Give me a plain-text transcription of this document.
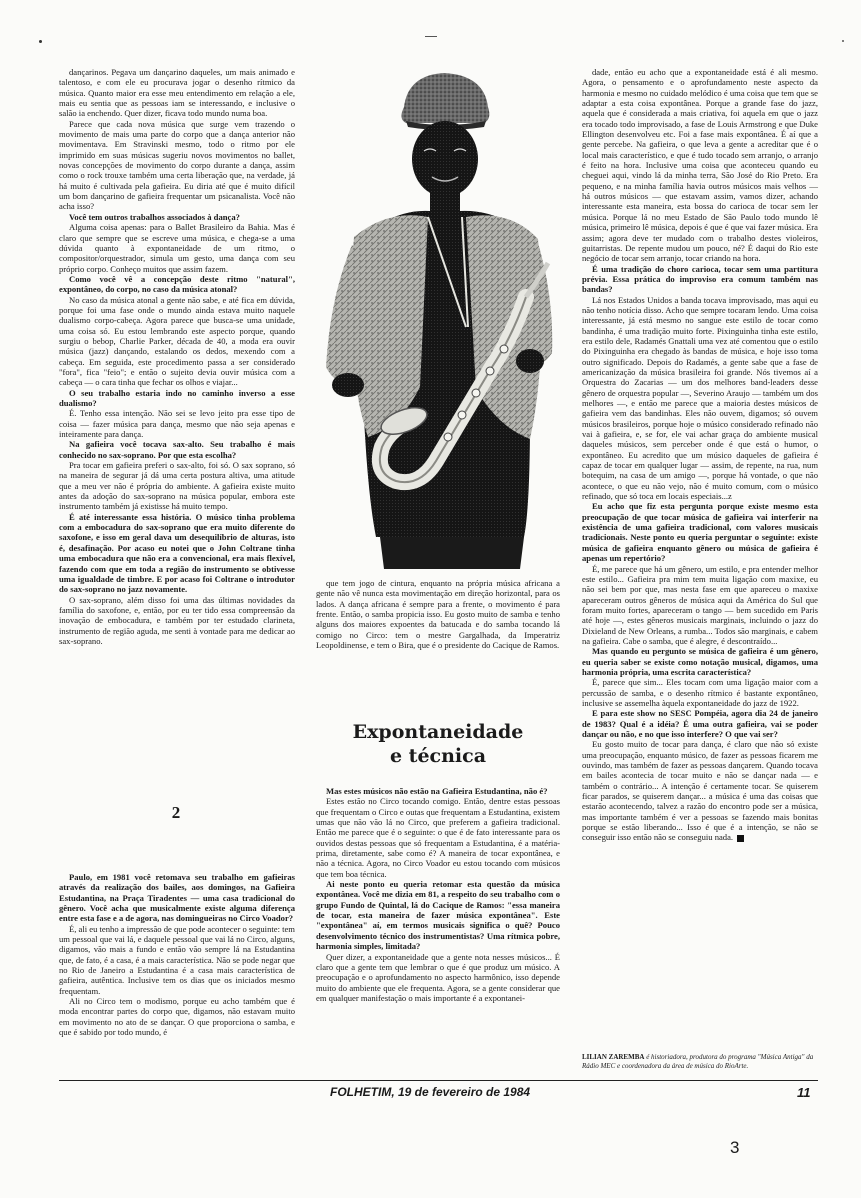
dançarinos. Pegava um dançarino daqueles, um mais animado e talentoso, e com ele eu procurava jogar o desenho rítmico da música. Quanto maior era esse meu entendimento em relação a ele, mais eu sentia que as pessoas iam se interessando, e inclusive o salão ia enchendo. Quer dizer, ficava todo mundo numa boa.

Parece que cada nova música que surge vem trazendo o movimento de mais uma parte do corpo que a dança anterior não movimentava. Em Stravinski mesmo, todo o ritmo por ele imprimido em suas músicas sugeriu novos movimentos no ballet, novas concepções de movimento do corpo durante a dança, assim como o rock trouxe também uma certa liberação que, na verdade, já há muito é cultivada pela gafieira. Eu diria até que é muito difícil um bom dançarino de gafieira frequentar um psicanalista. Você não acha isso?

Você tem outros trabalhos associados à dança?

Alguma coisa apenas: para o Ballet Brasileiro da Bahia. Mas é claro que sempre que se escreve uma música, e chega-se a uma dúvida quanto à expontaneidade de um ritmo, o compositor/orquestrador, simula um gesto, uma dança com seu próprio corpo. Conheço muitos que assim fazem.

Como você vê a concepção deste ritmo "natural", expontâneo, do corpo, no caso da música atonal?

No caso da música atonal a gente não sabe, e até fica em dúvida, porque foi uma fase onde o mundo ainda estava muito naquele dualismo corpo-cabeça. Agora parece que busca-se uma unidade, uma coisa só. Eu estou lembrando este aspecto porque, quando surgiu o bebop, Charlie Parker, década de 40, a moda era ouvir música (jazz) dançando, estalando os dedos, mexendo com a cabeça. Em seguida, este procedimento passa a ser considerado "fora", fica "feio"; e então o sujeito devia ouvir música com a cabeça — o cara tinha que fechar os olhos e viajar...

O seu trabalho estaria indo no caminho inverso a esse dualismo?

É. Tenho essa intenção. Não sei se levo jeito pra esse tipo de coisa — fazer música para dança, mesmo que não seja apenas e inteiramente para dança.

Na gafieira você tocava sax-alto. Seu trabalho é mais conhecido no sax-soprano. Por que esta escolha?

Pra tocar em gafieira preferi o sax-alto, foi só. O sax soprano, só na maneira de segurar já dá uma certa postura altiva, uma atitude que a meu ver não é própria do ambiente. A gafieira existe muito antes da adoção do sax-soprano na música popular, embora este instrumento também já existisse há muito tempo.

É até interessante essa história. O músico tinha problema com a embocadura do sax-soprano que era muito diferente do saxofone, e isso em geral dava um desequilíbrio de alturas, isto é, desafinação. Por acaso eu notei que o John Coltrane tinha uma embocadura que não era a convencional, era mais flexível, fazendo com que em toda a região do instrumento se obtivesse uma igualdade de timbre. E por acaso foi Coltrane o introdutor do sax-soprano no jazz novamente.

O sax-soprano, além disso foi uma das últimas novidades da família do saxofone, e, então, por eu ter tido essa compreensão da inovação de embocadura, e também por ter estudado clarineta, instrumento de região aguda, me senti à vontade para me dedicar ao sax-soprano.

2

Paulo, em 1981 você retomava seu trabalho em gafieiras através da realização dos bailes, aos domingos, na Gafieira Estudantina, na Praça Tiradentes — uma casa tradicional do gênero. Você acha que musicalmente existe alguma diferença entre esta fase e a de agora, nas domingueiras no Circo Voador?

É, ali eu tenho a impressão de que pode acontecer o seguinte: tem um pessoal que vai lá, e daquele pessoal que vai lá no Circo, alguns, digamos, vão mais a fundo e então vão sempre lá na Estudantina que, de fato, é a casa, é a mais característica. Não se pode negar que no Rio de Janeiro a Estudantina é a casa mais característica de gafieira, autêntica. Inclusive tem os dias que os iniciados mesmo frequentam.

Ali no Circo tem o modismo, porque eu acho também que é moda encontrar partes do corpo que, digamos, não estavam muito em movimento no ato de se dançar. O que proporciona o samba, e que é sabido por todo mundo, é

que tem jogo de cintura, enquanto na própria música africana a gente não vê nunca esta movimentação em direção horizontal, para os lados. A dança africana é sempre para a frente, o movimento é para frente. Então, o samba propicia isso. Eu gosto muito de samba e tenho alguns dos maiores expoentes da batucada e do samba tocando lá comigo no Circo: tem o mestre Gargalhada, da Imperatriz Leopoldinense, e tem o Bira, que é o presidente do Cacique de Ramos.

Expontaneidade
e técnica

Mas estes músicos não estão na Gafieira Estudantina, não é?

Estes estão no Circo tocando comigo. Então, dentre estas pessoas que frequentam o Circo e outas que frequentam a Estudantina, existem umas que não vão lá no Circo, que preferem a gafieira tradicional. Então me parece que é o seguinte: o que é de fato interessante para os ouvidos destas pessoas que só frequentam a Estudantina, é a matéria-prima, diretamente, sabe como é? A maneira de tocar expontânea, e não a técnica. Agora, no Circo Voador eu estou tocando com músicos que tem boa técnica.

Ai neste ponto eu queria retomar esta questão da música expontânea. Você me dizia em 81, a respeito do seu trabalho com o grupo Fundo de Quintal, lá do Cacique de Ramos: "essa maneira de tocar, esta maneira de fazer música expontânea". Este "expontânea" aí, em termos musicais significa o quê? Pouco desenvolvimento técnico dos instrumentistas? Uma rítmica pobre, harmonia simples, limitada?

Quer dizer, a expontaneidade que a gente nota nesses músicos... É claro que a gente tem que lembrar o que é que produz um músico. A preocupação e o aprofundamento no aspecto harmônico, isso depende muito do ambiente que ele frequenta. Agora, se a gente considerar que em qualquer manifestação o mais importante é a expontanei-

dade, então eu acho que a expontaneidade está é ali mesmo. Agora, o pensamento e o aprofundamento neste aspecto da harmonia e mesmo no cuidado melódico é uma coisa que tem que se adaptar a esta coisa expontânea. Porque a grande fase do jazz, aquela que é considerada a mais criativa, foi aquela em que o jazz era tocado todo improvisado, a fase de Louis Armstrong e que Duke Ellington desenvolveu etc. Foi a fase mais expontânea. É aí que a gente percebe. Na gafieira, o que leva a gente a acreditar que é o local mais característico, e que é tudo tocado sem arranjo, o arranjo é feito na hora. Inclusive uma coisa que aconteceu quando eu cheguei aqui, vindo lá da minha terra, São José do Rio Preto. Era pequeno, e na minha família havia outros músicos mais velhos — há outros músicos — que estavam assim, vamos dizer, achando interessante esta maneira, esta bossa do carioca de tocar sem ler música. Porque lá no meu Estado de São Paulo todo mundo lê música, primeiro lê música, depois é que é que vai fazer música. Era assim; agora deve ter mudado com o trabalho destes violeiros, guitarristas. De repente mudou um pouco, né? É daqui do Rio este negócio de tocar sem arranjo, tocar criando na hora.

É uma tradição do choro carioca, tocar sem uma partitura prévia. Essa prática do improviso era comum também nas bandas?

Lá nos Estados Unidos a banda tocava improvisado, mas aqui eu não tenho notícia disso. Acho que sempre tocaram lendo. Uma coisa interessante, já está mesmo no sangue este estilo de tocar como bandinha, é uma tradição muito forte. Pixinguinha tinha este estilo, era estilo dele, Radamés Gnattali uma vez até comentou que o estilo do Pixinguinha era chegado às bandas de música, e hoje isso toma outro significado. Depois do Radamés, a gente sabe que a fase de americanização da música brasileira foi grande. Nós tivemos aí a Orquestra do Zacarias — um dos melhores band-leaders desse gênero de orquestra popular —, Severino Araujo — também um dos melhores —, e então me parece que a maioria destes músicos de gafieira vem das bandinhas. Eles não ouvem, digamos; só ouvem músicos brasileiros, porque hoje o músico considerado refinado não vai à gafieira, e, se for, ele vai achar graça do ambiente musical daqueles músicos, sem perceber onde é que está o humor, o expontâneo. Eu acredito que um músico daqueles de gafieira é capaz de tocar em qualquer lugar — assim, de repente, na rua, num botequim, na casa de um amigo —, porque há vontade, o que não acontece, o que eu não vejo, não é muito comum, com o músico refinado, que só toca em locais especiais...z

Eu acho que fiz esta pergunta porque existe mesmo esta preocupação de que tocar música de gafieira vai interferir na existência de uma gafieira tradicional, com valores musicais tradicionais. Neste ponto eu queria perguntar o seguinte: existe música de gafieira enquanto gênero ou música de gafieira é apenas um repertório?

É, me parece que há um gênero, um estilo, e pra entender melhor este estilo... Gafieira pra mim tem muita ligação com maxixe, eu não sei bem por que, mas nesta fase em que apareceu o maxixe apareceram outros gêneros de música aqui da América do Sul que foram muito fortes, apareceram o tango — bem sucedido em Paris até hoje —, estes gêneros musicais marginais, incluindo o jazz do Dixieland de New Orleans, a rumba... Todos são marginais, e cabem na gafieira. Cabe o samba, que é alegre, é descontraído...

Mas quando eu pergunto se música de gafieira é um gênero, eu queria saber se existe como notação musical, digamos, uma harmonia própria, uma escrita característica?

É, parece que sim... Eles tocam com uma ligação maior com a percussão de samba, e o desenho rítmico é bastante expontâneo, inclusive se assemelha àquela expontaneidade do jazz de 1922.

E para este show no SESC Pompéia, agora dia 24 de janeiro de 1983? Qual é a idéia? É uma outra gafieira, vai se poder dançar ou não, e no que isso interfere? O que vai ser?

Eu gosto muito de tocar para dança, é claro que não só existe uma preocupação, enquanto músico, de fazer as pessoas ficarem me ouvindo, mas também de fazer as pessoas dançarem. Quando tocava em bailes acontecia de tocar muito e não se dançar nada — e também o contrário... A intenção é certamente tocar. Se quiserem ficar parados, se quiserem dançar... a música é uma das coisas que estarão acontecendo, talvez a razão do encontro pode ser a música, mas importante também é ver a pessoas se fazendo mais bonitas porque se estão liberando... Isso é que é a intenção, se não se conseguir isso então não se conseguiu nada.

LILIAN ZAREMBA é historiadora, produtora do programa "Música Antiga" da Rádio MEC e coordenadora da área de música do RioArte.
FOLHETIM, 19 de fevereiro de 1984	11
3
